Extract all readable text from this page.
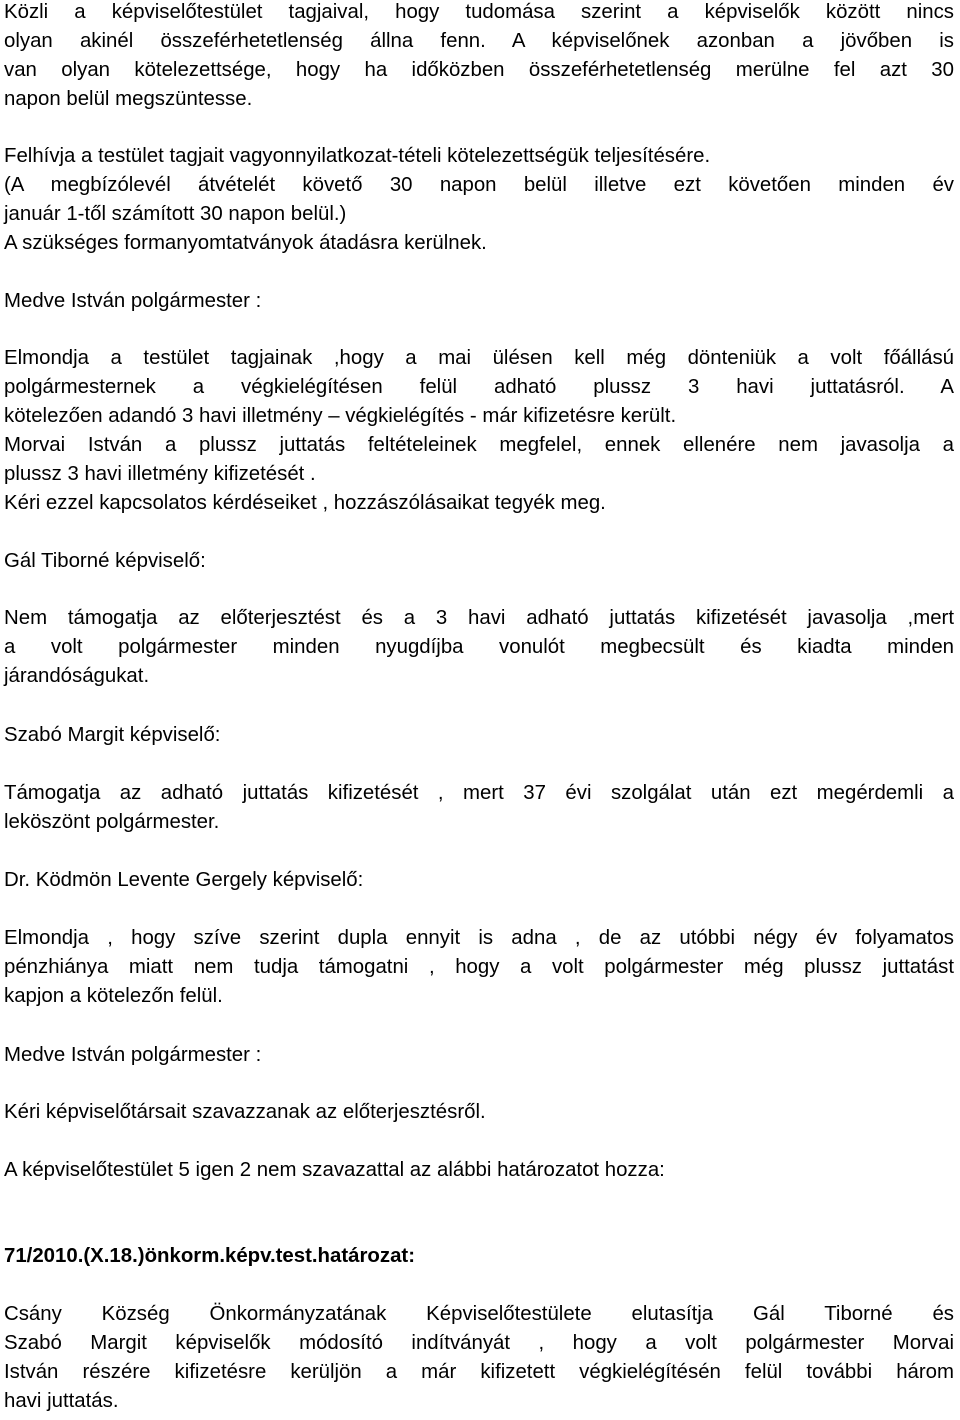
Közli a képviselőtestület tagjaival, hogy tudomása szerint a képviselők között nincs
olyan akinél összeférhetetlenség állna fenn. A képviselőnek azonban a jövőben is
van olyan kötelezettsége, hogy ha időközben összeférhetetlenség merülne fel azt 30
napon belül megszüntesse.
Felhívja a testület tagjait vagyonnyilatkozat-tételi kötelezettségük teljesítésére.
(A megbízólevél átvételét követő 30 napon belül illetve ezt követően minden év
január 1-től számított 30 napon belül.)
A szükséges formanyomtatványok átadásra kerülnek.
Medve István polgármester :
Elmondja a testület tagjainak ,hogy a mai ülésen kell még dönteniük a volt főállású
polgármesternek a végkielégítésen felül adható plussz 3 havi juttatásról. A
kötelezően adandó 3 havi illetmény – végkielégítés - már kifizetésre került.
Morvai István a plussz juttatás feltételeinek megfelel, ennek ellenére nem javasolja a
plussz 3 havi illetmény kifizetését .
Kéri ezzel kapcsolatos kérdéseiket , hozzászólásaikat tegyék meg.
Gál Tiborné képviselő:
Nem támogatja az előterjesztést és a 3 havi adható juttatás kifizetését javasolja ,mert
a volt polgármester minden nyugdíjba vonulót megbecsült és kiadta minden
járandóságukat.
Szabó Margit képviselő:
Támogatja az adható juttatás kifizetését , mert 37 évi szolgálat után ezt megérdemli a
leköszönt polgármester.
Dr. Ködmön Levente Gergely képviselő:
Elmondja , hogy szíve szerint dupla ennyit is adna , de az utóbbi négy év folyamatos
pénzhiánya miatt nem tudja támogatni , hogy a volt polgármester még plussz juttatást
kapjon a kötelezőn felül.
Medve István polgármester :
Kéri képviselőtársait szavazzanak az előterjesztésről.
A képviselőtestület 5 igen 2 nem szavazattal az alábbi határozatot hozza:
71/2010.(X.18.)önkorm.képv.test.határozat:
Csány Község Önkormányzatának Képviselőtestülete elutasítja Gál Tiborné és
Szabó Margit képviselők módosító indítványát , hogy a volt polgármester Morvai
István részére kifizetésre kerüljön a már kifizetett végkielégítésén felül további három
havi juttatás.
